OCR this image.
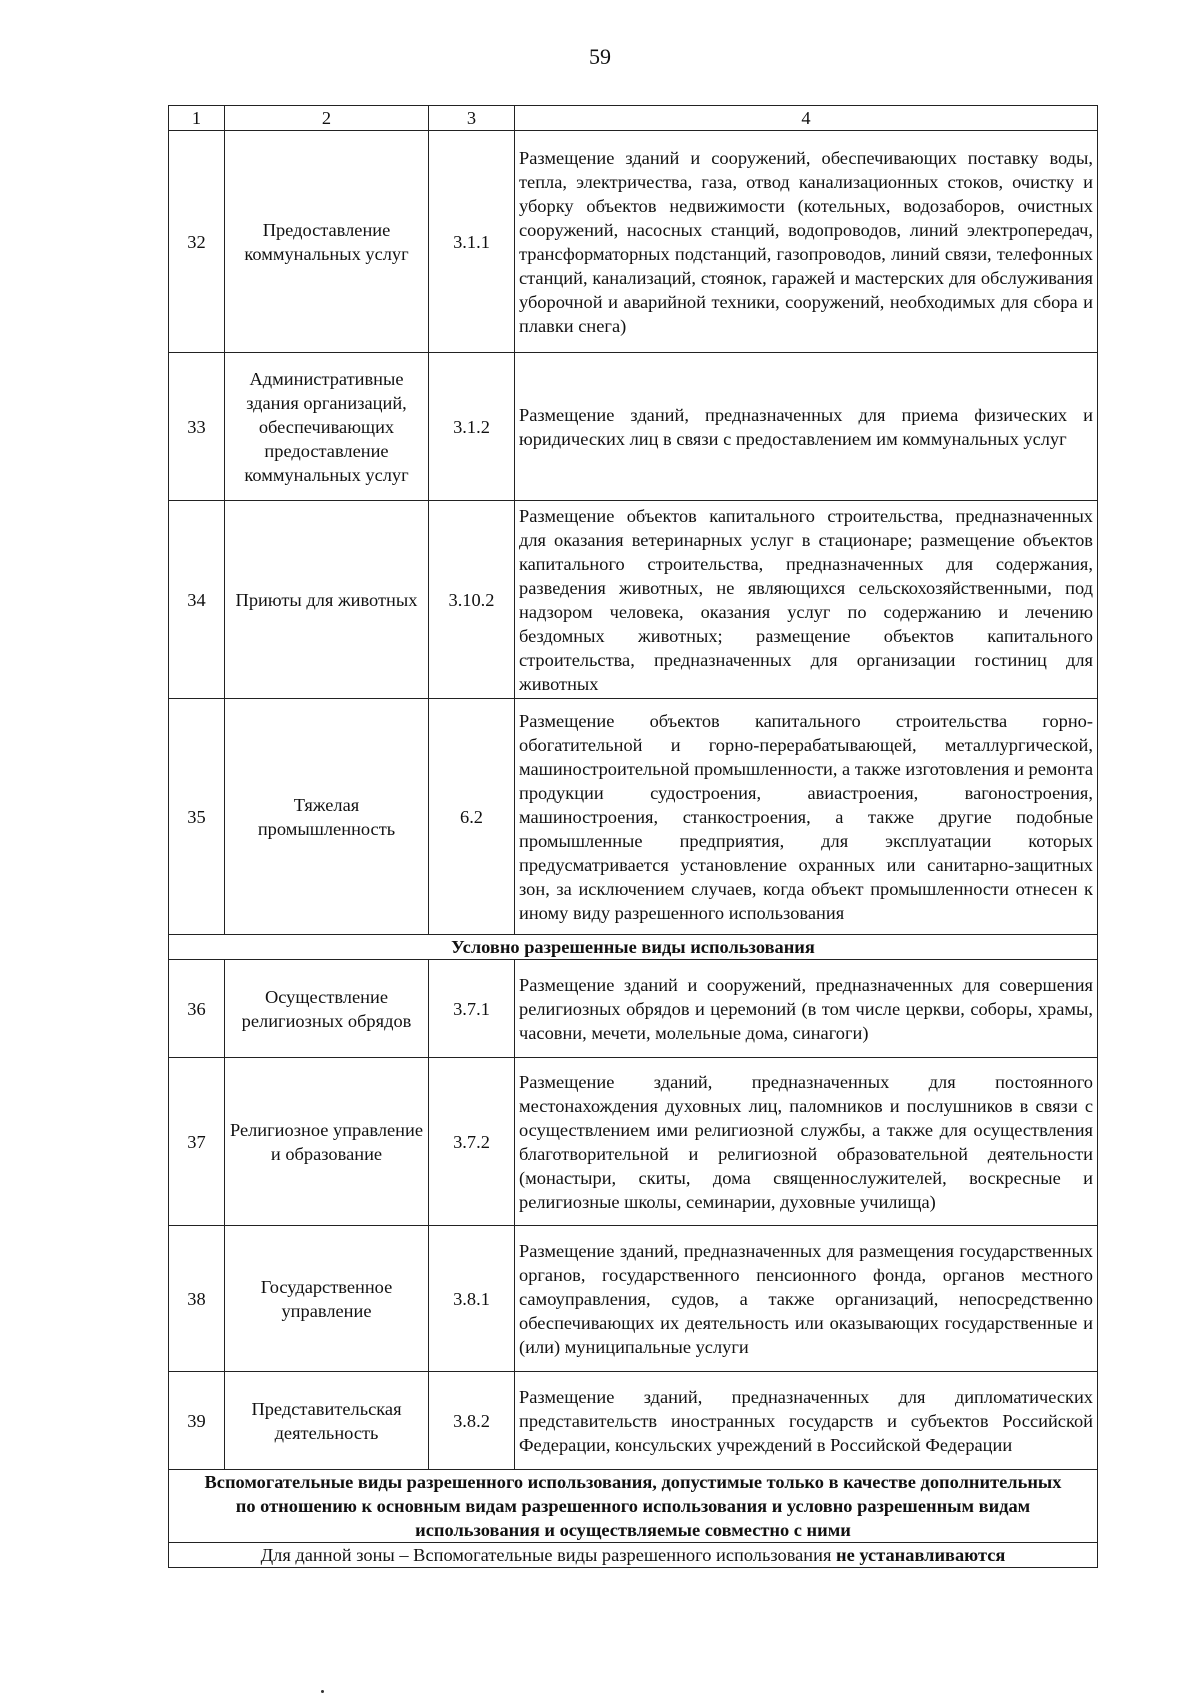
59
1	2	3	4
32	Предоставление коммунальных услуг	3.1.1	Размещение зданий и сооружений, обеспечивающих поставку воды, тепла, электричества, газа, отвод канализационных стоков, очистку и уборку объектов недвижимости (котельных, водозаборов, очистных сооружений, насосных станций, водопроводов, линий электропередач, трансформаторных подстанций, газопроводов, линий связи, телефонных станций, канализаций, стоянок, гаражей и мастерских для обслуживания уборочной и аварийной техники, сооружений, необходимых для сбора и плавки снега)
33	Административные здания организаций, обеспечивающих предоставление коммунальных услуг	3.1.2	Размещение зданий, предназначенных для приема физических и юридических лиц в связи с предоставлением им коммунальных услуг
34	Приюты для животных	3.10.2	Размещение объектов капитального строительства, предназначенных для оказания ветеринарных услуг в стационаре; размещение объектов капитального строительства, предназначенных для содержания, разведения животных, не являющихся сельскохозяйственными, под надзором человека, оказания услуг по содержанию и лечению бездомных животных; размещение объектов капитального строительства, предназначенных для организации гостиниц для животных
35	Тяжелая промышленность	6.2	Размещение объектов капитального строительства горно-обогатительной и горно-перерабатывающей, металлургической, машиностроительной промышленности, а также изготовления и ремонта продукции судостроения, авиастроения, вагоностроения, машиностроения, станкостроения, а также другие подобные промышленные предприятия, для эксплуатации которых предусматривается установление охранных или санитарно-защитных зон, за исключением случаев, когда объект промышленности отнесен к иному виду разрешенного использования
Условно разрешенные виды использования			
36	Осуществление религиозных обрядов	3.7.1	Размещение зданий и сооружений, предназначенных для совершения религиозных обрядов и церемоний (в том числе церкви, соборы, храмы, часовни, мечети, молельные дома, синагоги)
37	Религиозное управление и образование	3.7.2	Размещение зданий, предназначенных для постоянного местонахождения духовных лиц, паломников и послушников в связи с осуществлением ими религиозной службы, а также для осуществления благотворительной и религиозной образовательной деятельности (монастыри, скиты, дома священнослужителей, воскресные и религиозные школы, семинарии, духовные училища)
38	Государственное управление	3.8.1	Размещение зданий, предназначенных для размещения государственных органов, государственного пенсионного фонда, органов местного самоуправления, судов, а также организаций, непосредственно обеспечивающих их деятельность или оказывающих государственные и (или) муниципальные услуги
39	Представительская деятельность	3.8.2	Размещение зданий, предназначенных для дипломатических представительств иностранных государств и субъектов Российской Федерации, консульских учреждений в Российской Федерации
Вспомогательные виды разрешенного использования, допустимые только в качестве дополнительных по отношению к основным видам разрешенного использования и условно разрешенным видам использования и осуществляемые совместно с ними			
Для данной зоны – Вспомогательные виды разрешенного использования не устанавливаются			
